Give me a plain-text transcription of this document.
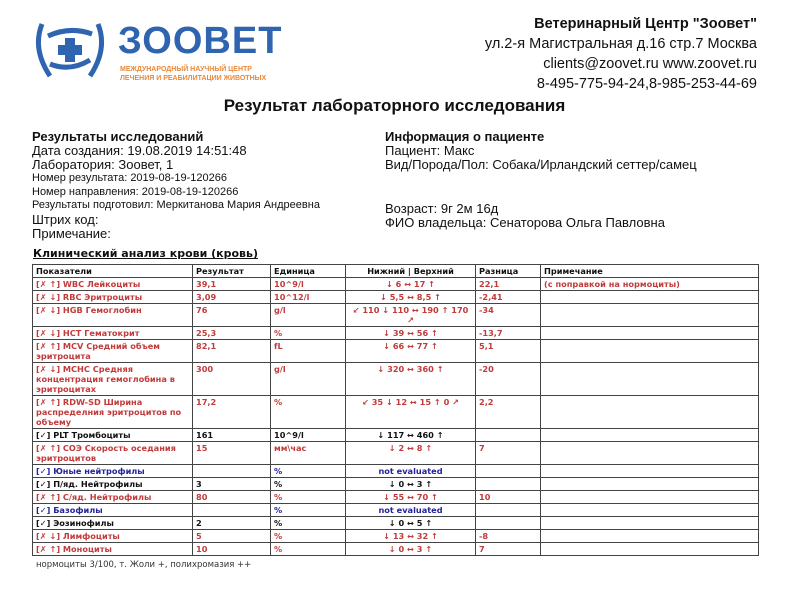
ЗООВЕТ
МЕЖДУНАРОДНЫЙ НАУЧНЫЙ ЦЕНТР
ЛЕЧЕНИЯ И РЕАБИЛИТАЦИИ ЖИВОТНЫХ
Ветеринарный Центр "Зоовет"
ул.2-я Магистральная д.16 стр.7 Москва
clients@zoovet.ru www.zoovet.ru
8-495-775-94-24,8-985-253-44-69
Результат лабораторного исследования
Результаты исследований
Дата создания: 19.08.2019 14:51:48
Лаборатория: Зоовет, 1
Номер результата: 2019-08-19-120266
Номер направления: 2019-08-19-120266
Результаты подготовил: Меркитанова Мария Андреевна
Штрих код:
Примечание:
Информация о пациенте
Пациент: Макс
Вид/Порода/Пол: Собака/Ирландский сеттер/самец
Возраст: 9г 2м 16д
ФИО владельца: Сенаторова Ольга Павловна
Клинический анализ крови (кровь)
Показатели	Результат	Единица	Нижний | Верхний	Разница	Примечание
[✗ ↑] WBC Лейкоциты	39,1	10^9/l	↓ 6 ↔ 17 ↑	22,1	(с поправкой на нормоциты)
[✗ ↓] RBC Эритроциты	3,09	10^12/l	↓ 5,5 ↔ 8,5 ↑	-2,41	
[✗ ↓] HGB Гемоглобин	76	g/l	↙ 110 ↓ 110 ↔ 190 ↑ 170 ↗	-34	
[✗ ↓] HCT Гематокрит	25,3	%	↓ 39 ↔ 56 ↑	-13,7	
[✗ ↑] MCV Средний объем эритроцита	82,1	fL	↓ 66 ↔ 77 ↑	5,1	
[✗ ↓] MCHC Средняя концентрация гемоглобина в эритроцитах	300	g/l	↓ 320 ↔ 360 ↑	-20	
[✗ ↑] RDW-SD Ширина распределния эритроцитов по объему	17,2	%	↙ 35 ↓ 12 ↔ 15 ↑ 0 ↗	2,2	
[✓] PLT Тромбоциты	161	10^9/l	↓ 117 ↔ 460 ↑		
[✗ ↑] СОЭ Скорость оседания эритроцитов	15	мм\час	↓ 2 ↔ 8 ↑	7	
[✓] Юные нейтрофилы		%	not evaluated		
[✓] П/яд. Нейтрофилы	3	%	↓ 0 ↔ 3 ↑		
[✗ ↑] С/яд. Нейтрофилы	80	%	↓ 55 ↔ 70 ↑	10	
[✓] Базофилы		%	not evaluated		
[✓] Эозинофилы	2	%	↓ 0 ↔ 5 ↑		
[✗ ↓] Лимфоциты	5	%	↓ 13 ↔ 32 ↑	-8	
[✗ ↑] Моноциты	10	%	↓ 0 ↔ 3 ↑	7	
нормоциты 3/100, т. Жоли +, полихромазия ++
